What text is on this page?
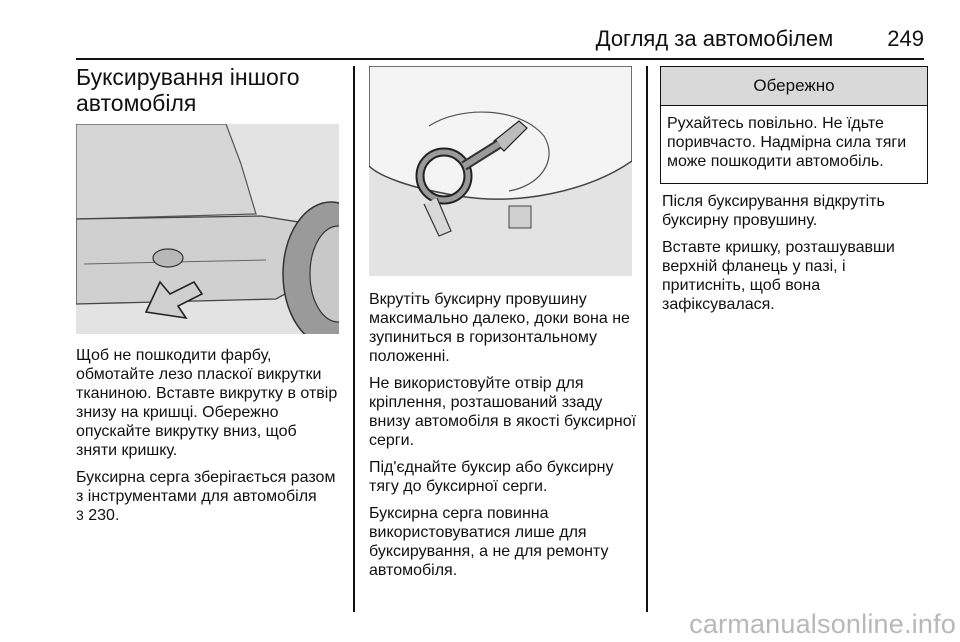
Догляд за автомобілем 249
Буксирування іншого
автомобіля

Щоб не пошкодити фарбу, обмотайте лезо пласкої викрутки тканиною. Вставте викрутку в отвір знизу на кришці. Обережно опускайте викрутку вниз, щоб зняти кришку.

Буксирна серга зберігається разом з інструментами для автомобіля
3 230.

Вкрутіть буксирну провушину максимально далеко, доки вона не зупиниться в горизонтальному положенні.

Не використовуйте отвір для кріплення, розташований ззаду внизу автомобіля в якості буксирної серги.

Під'єднайте буксир або буксирну тягу до буксирної серги.

Буксирна серга повинна використовуватися лише для буксирування, а не для ремонту автомобіля.

Обережно
Рухайтесь повільно. Не їдьте поривчасто. Надмірна сила тяги може пошкодити автомобіль.

Після буксирування відкрутіть буксирну провушину.

Вставте кришку, розташувавши верхній фланець у пазі, і притисніть, щоб вона зафіксувалася.

carmanualsonline.info
